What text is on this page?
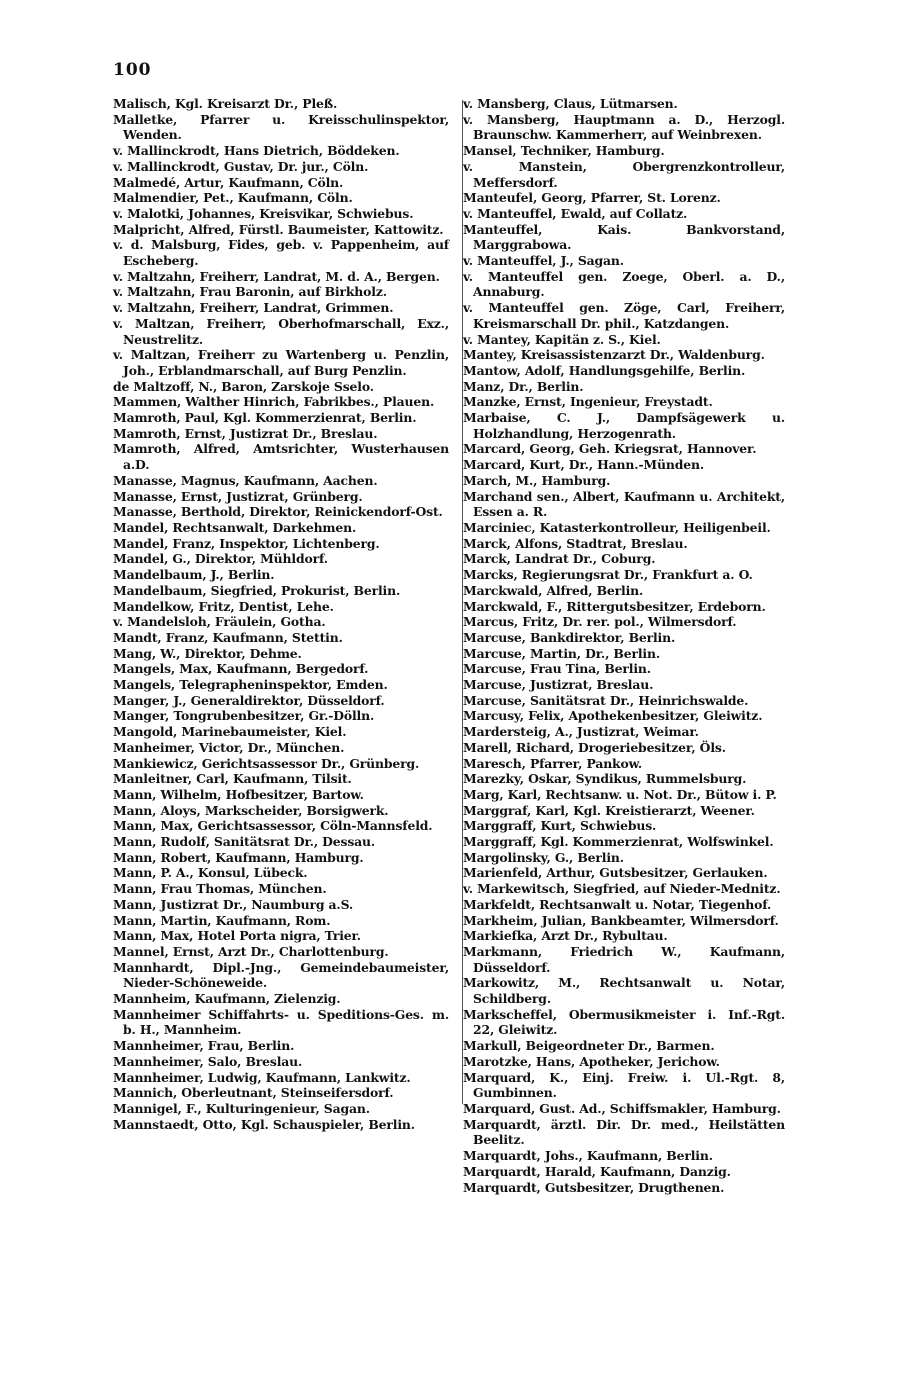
100

Malisch, Kgl. Kreisarzt Dr., Pleß.

Malletke, Pfarrer u. Kreisschulinspektor, Wenden.

v. Mallinckrodt, Hans Dietrich, Böddeken.

v. Mallinckrodt, Gustav, Dr. jur., Cöln.

Malmedé, Artur, Kaufmann, Cöln.

Malmendier, Pet., Kaufmann, Cöln.

v. Malotki, Johannes, Kreisvikar, Schwiebus.

Malpricht, Alfred, Fürstl. Baumeister, Kattowitz.

v. d. Malsburg, Fides, geb. v. Pappenheim, auf Escheberg.

v. Maltzahn, Freiherr, Landrat, M. d. A., Bergen.

v. Maltzahn, Frau Baronin, auf Birkholz.

v. Maltzahn, Freiherr, Landrat, Grimmen.

v. Maltzan, Freiherr, Oberhofmarschall, Exz., Neustrelitz.

v. Maltzan, Freiherr zu Wartenberg u. Penzlin, Joh., Erblandmarschall, auf Burg Penzlin.

de Maltzoff, N., Baron, Zarskoje Sselo.

Mammen, Walther Hinrich, Fabrikbes., Plauen.

Mamroth, Paul, Kgl. Kommerzienrat, Berlin.

Mamroth, Ernst, Justizrat Dr., Breslau.

Mamroth, Alfred, Amtsrichter, Wusterhausen a.D.

Manasse, Magnus, Kaufmann, Aachen.

Manasse, Ernst, Justizrat, Grünberg.

Manasse, Berthold, Direktor, Reinickendorf-Ost.

Mandel, Rechtsanwalt, Darkehmen.

Mandel, Franz, Inspektor, Lichtenberg.

Mandel, G., Direktor, Mühldorf.

Mandelbaum, J., Berlin.

Mandelbaum, Siegfried, Prokurist, Berlin.

Mandelkow, Fritz, Dentist, Lehe.

v. Mandelsloh, Fräulein, Gotha.

Mandt, Franz, Kaufmann, Stettin.

Mang, W., Direktor, Dehme.

Mangels, Max, Kaufmann, Bergedorf.

Mangels, Telegrapheninspektor, Emden.

Manger, J., Generaldirektor, Düsseldorf.

Manger, Tongrubenbesitzer, Gr.-Dölln.

Mangold, Marinebaumeister, Kiel.

Manheimer, Victor, Dr., München.

Mankiewicz, Gerichtsassessor Dr., Grünberg.

Manleitner, Carl, Kaufmann, Tilsit.

Mann, Wilhelm, Hofbesitzer, Bartow.

Mann, Aloys, Markscheider, Borsigwerk.

Mann, Max, Gerichtsassessor, Cöln-Mannsfeld.

Mann, Rudolf, Sanitätsrat Dr., Dessau.

Mann, Robert, Kaufmann, Hamburg.

Mann, P. A., Konsul, Lübeck.

Mann, Frau Thomas, München.

Mann, Justizrat Dr., Naumburg a.S.

Mann, Martin, Kaufmann, Rom.

Mann, Max, Hotel Porta nigra, Trier.

Mannel, Ernst, Arzt Dr., Charlottenburg.

Mannhardt, Dipl.-Jng., Gemeindebaumeister, Nieder-Schöneweide.

Mannheim, Kaufmann, Zielenzig.

Mannheimer Schiffahrts- u. Speditions-Ges. m. b. H., Mannheim.

Mannheimer, Frau, Berlin.

Mannheimer, Salo, Breslau.

Mannheimer, Ludwig, Kaufmann, Lankwitz.

Mannich, Oberleutnant, Steinseifersdorf.

Mannigel, F., Kulturingenieur, Sagan.

Mannstaedt, Otto, Kgl. Schauspieler, Berlin.

v. Mansberg, Claus, Lütmarsen.

v. Mansberg, Hauptmann a. D., Herzogl. Braunschw. Kammerherr, auf Weinbrexen.

Mansel, Techniker, Hamburg.

v. Manstein, Obergrenzkontrolleur, Meffersdorf.

Manteufel, Georg, Pfarrer, St. Lorenz.

v. Manteuffel, Ewald, auf Collatz.

Manteuffel, Kais. Bankvorstand, Marggrabowa.

v. Manteuffel, J., Sagan.

v. Manteuffel gen. Zoege, Oberl. a. D., Annaburg.

v. Manteuffel gen. Zöge, Carl, Freiherr, Kreismarschall Dr. phil., Katzdangen.

v. Mantey, Kapitän z. S., Kiel.

Mantey, Kreisassistenzarzt Dr., Waldenburg.

Mantow, Adolf, Handlungsgehilfe, Berlin.

Manz, Dr., Berlin.

Manzke, Ernst, Ingenieur, Freystadt.

Marbaise, C. J., Dampfsägewerk u. Holzhandlung, Herzogenrath.

Marcard, Georg, Geh. Kriegsrat, Hannover.

Marcard, Kurt, Dr., Hann.-Münden.

March, M., Hamburg.

Marchand sen., Albert, Kaufmann u. Architekt, Essen a. R.

Marciniec, Katasterkontrolleur, Heiligenbeil.

Marck, Alfons, Stadtrat, Breslau.

Marck, Landrat Dr., Coburg.

Marcks, Regierungsrat Dr., Frankfurt a. O.

Marckwald, Alfred, Berlin.

Marckwald, F., Rittergutsbesitzer, Erdeborn.

Marcus, Fritz, Dr. rer. pol., Wilmersdorf.

Marcuse, Bankdirektor, Berlin.

Marcuse, Martin, Dr., Berlin.

Marcuse, Frau Tina, Berlin.

Marcuse, Justizrat, Breslau.

Marcuse, Sanitätsrat Dr., Heinrichswalde.

Marcusy, Felix, Apothekenbesitzer, Gleiwitz.

Mardersteig, A., Justizrat, Weimar.

Marell, Richard, Drogeriebesitzer, Öls.

Maresch, Pfarrer, Pankow.

Marezky, Oskar, Syndikus, Rummelsburg.

Marg, Karl, Rechtsanw. u. Not. Dr., Bütow i. P.

Marggraf, Karl, Kgl. Kreistierarzt, Weener.

Marggraff, Kurt, Schwiebus.

Marggraff, Kgl. Kommerzienrat, Wolfswinkel.

Margolinsky, G., Berlin.

Marienfeld, Arthur, Gutsbesitzer, Gerlauken.

v. Markewitsch, Siegfried, auf Nieder-Mednitz.

Markfeldt, Rechtsanwalt u. Notar, Tiegenhof.

Markheim, Julian, Bankbeamter, Wilmersdorf.

Markiefka, Arzt Dr., Rybultau.

Markmann, Friedrich W., Kaufmann, Düsseldorf.

Markowitz, M., Rechtsanwalt u. Notar, Schildberg.

Markscheffel, Obermusikmeister i. Inf.-Rgt. 22, Gleiwitz.

Markull, Beigeordneter Dr., Barmen.

Marotzke, Hans, Apotheker, Jerichow.

Marquard, K., Einj. Freiw. i. Ul.-Rgt. 8, Gumbinnen.

Marquard, Gust. Ad., Schiffsmakler, Hamburg.

Marquardt, ärztl. Dir. Dr. med., Heilstätten Beelitz.

Marquardt, Johs., Kaufmann, Berlin.

Marquardt, Harald, Kaufmann, Danzig.

Marquardt, Gutsbesitzer, Drugthenen.
